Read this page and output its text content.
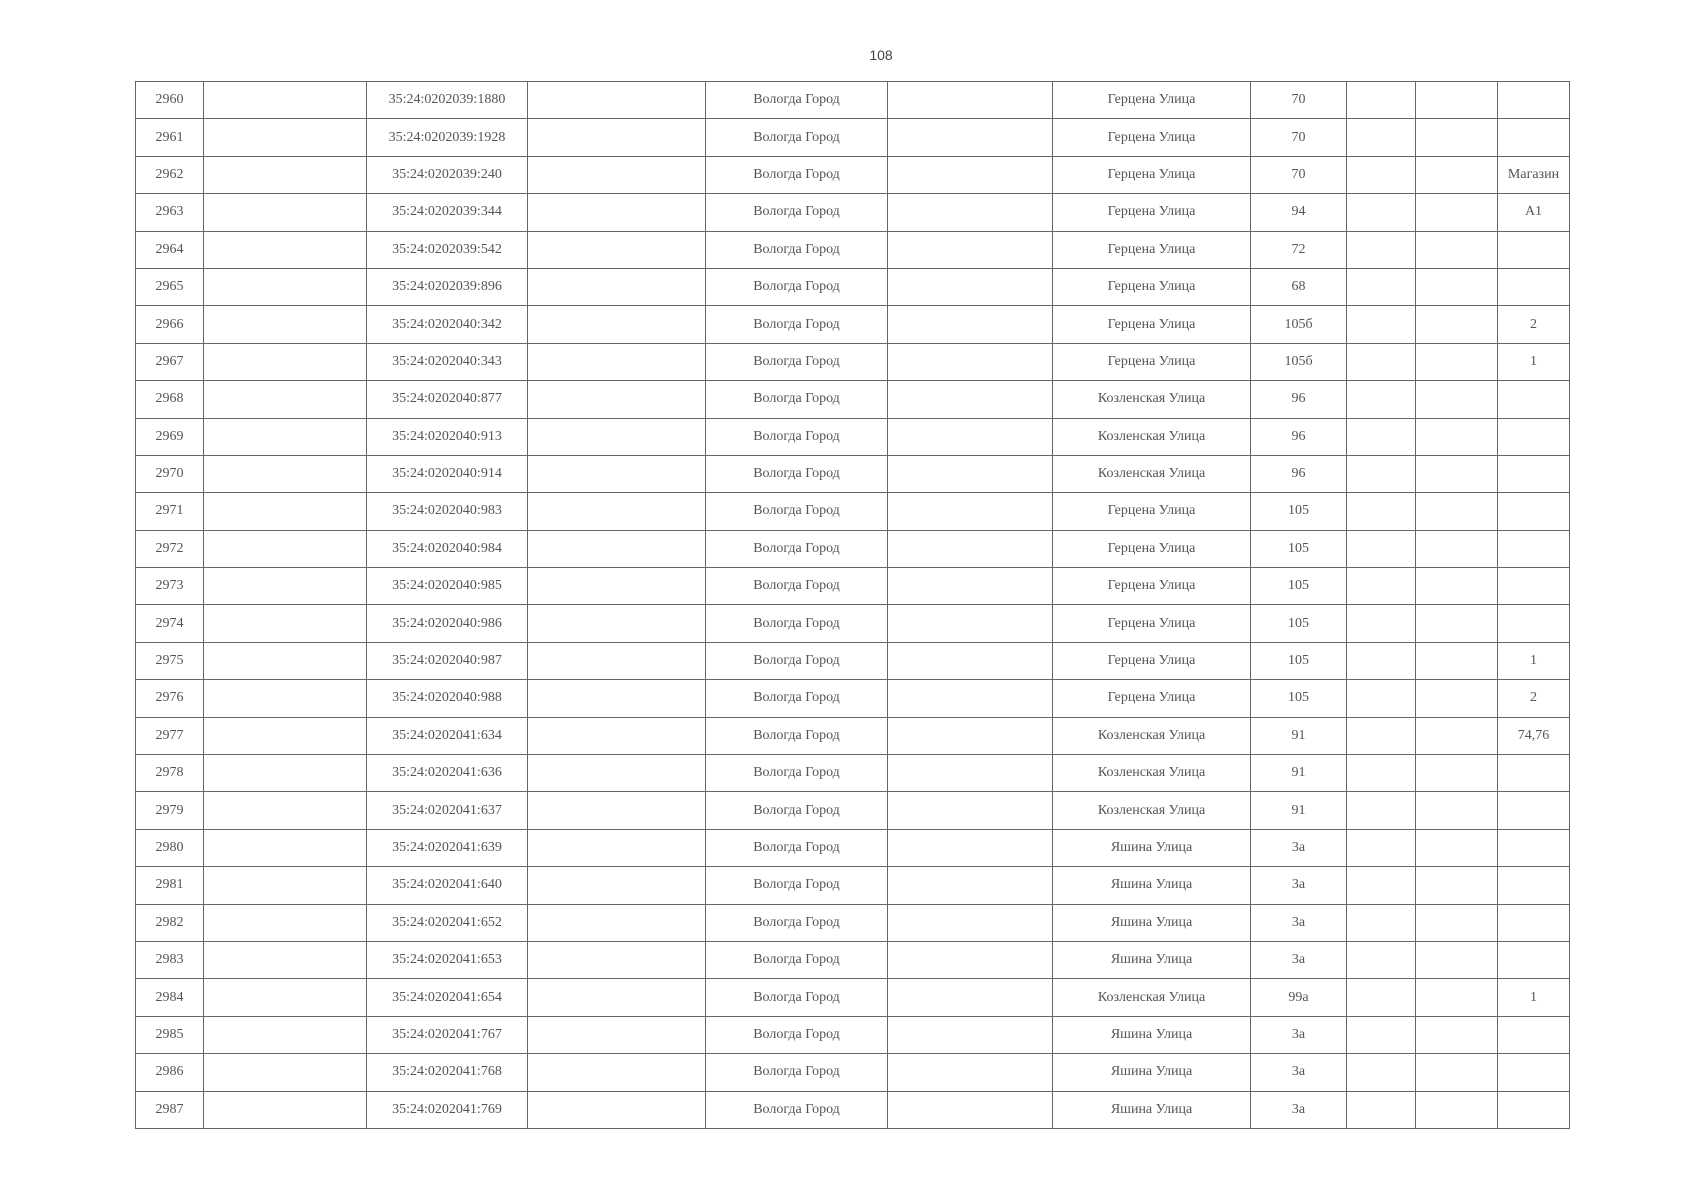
108
2960		35:24:0202039:1880		Вологда Город		Герцена Улица	70			
2961		35:24:0202039:1928		Вологда Город		Герцена Улица	70			
2962		35:24:0202039:240		Вологда Город		Герцена Улица	70			Магазин
2963		35:24:0202039:344		Вологда Город		Герцена Улица	94			А1
2964		35:24:0202039:542		Вологда Город		Герцена Улица	72			
2965		35:24:0202039:896		Вологда Город		Герцена Улица	68			
2966		35:24:0202040:342		Вологда Город		Герцена Улица	105б			2
2967		35:24:0202040:343		Вологда Город		Герцена Улица	105б			1
2968		35:24:0202040:877		Вологда Город		Козленская Улица	96			
2969		35:24:0202040:913		Вологда Город		Козленская Улица	96			
2970		35:24:0202040:914		Вологда Город		Козленская Улица	96			
2971		35:24:0202040:983		Вологда Город		Герцена Улица	105			
2972		35:24:0202040:984		Вологда Город		Герцена Улица	105			
2973		35:24:0202040:985		Вологда Город		Герцена Улица	105			
2974		35:24:0202040:986		Вологда Город		Герцена Улица	105			
2975		35:24:0202040:987		Вологда Город		Герцена Улица	105			1
2976		35:24:0202040:988		Вологда Город		Герцена Улица	105			2
2977		35:24:0202041:634		Вологда Город		Козленская Улица	91			74,76
2978		35:24:0202041:636		Вологда Город		Козленская Улица	91			
2979		35:24:0202041:637		Вологда Город		Козленская Улица	91			
2980		35:24:0202041:639		Вологда Город		Яшина Улица	3а			
2981		35:24:0202041:640		Вологда Город		Яшина Улица	3а			
2982		35:24:0202041:652		Вологда Город		Яшина Улица	3а			
2983		35:24:0202041:653		Вологда Город		Яшина Улица	3а			
2984		35:24:0202041:654		Вологда Город		Козленская Улица	99а			1
2985		35:24:0202041:767		Вологда Город		Яшина Улица	3а			
2986		35:24:0202041:768		Вологда Город		Яшина Улица	3а			
2987		35:24:0202041:769		Вологда Город		Яшина Улица	3а			
